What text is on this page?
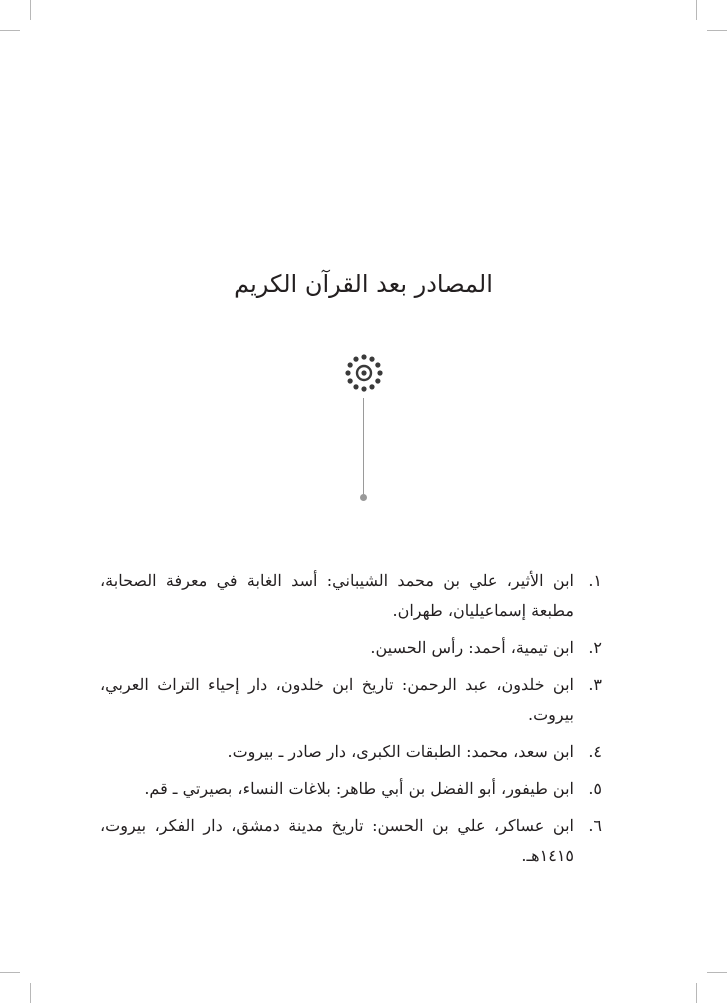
المصادر بعد القرآن الكريم
١.
ابن الأثير، علي بن محمد الشيباني: أسد الغابة في معرفة الصحابة، مطبعة إسماعيليان، طهران.
٢.
ابن تيمية، أحمد: رأس الحسين.
٣.
ابن خلدون، عبد الرحمن: تاريخ ابن خلدون، دار إحياء التراث العربي، بيروت.
٤.
ابن سعد، محمد: الطبقات الكبرى، دار صادر ـ بيروت.
٥.
ابن طيفور، أبو الفضل بن أبي طاهر: بلاغات النساء، بصيرتي ـ قم.
٦.
ابن عساكر، علي بن الحسن: تاريخ مدينة دمشق، دار الفكر، بيروت، ١٤١٥هـ.
